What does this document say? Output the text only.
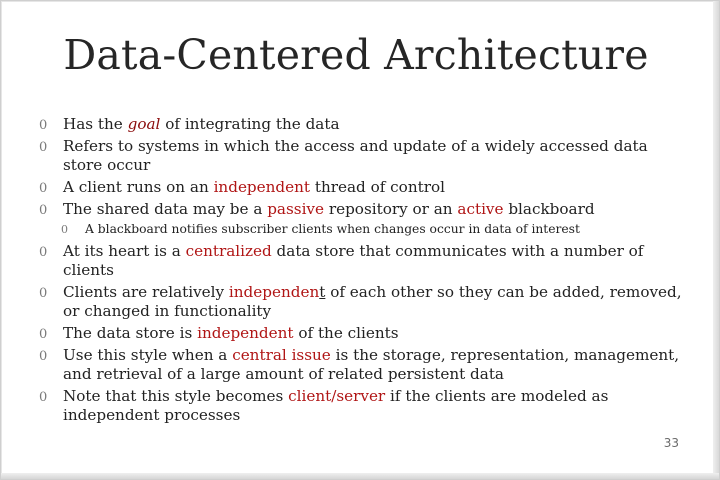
Data-Centered Architecture
0 Has the goal of integrating the data
0 Refers to systems in which the access and update of a widely accessed data store occur
0 A client runs on an independent thread of control
0 The shared data may be a passive repository or an active blackboard
0 A blackboard notifies subscriber clients when changes occur in data of interest
0 At its heart is a centralized data store that communicates with a number of clients
0 Clients are relatively independent of each other so they can be added, removed, or changed in functionality
0 The data store is independent of the clients
0 Use this style when a central issue is the storage, representation, management, and retrieval of a large amount of related persistent data
0 Note that this style becomes client/server if the clients are modeled as independent processes
33
